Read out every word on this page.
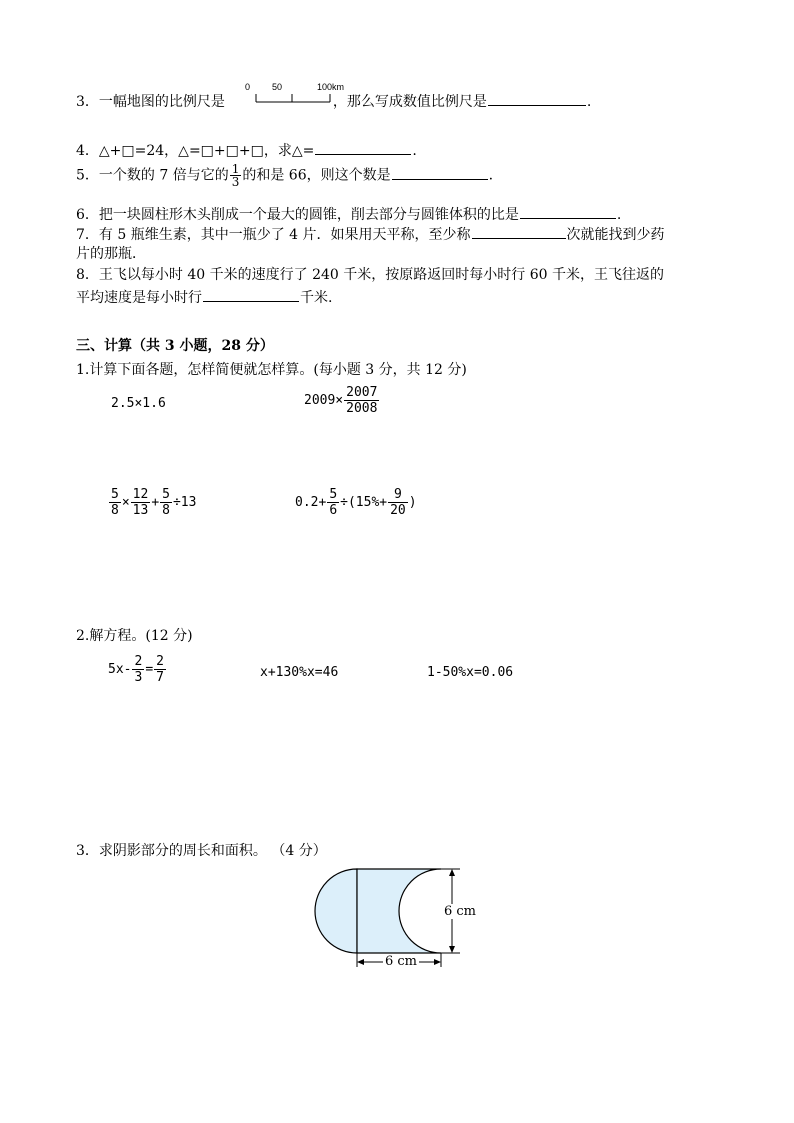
3．一幅地图的比例尺是	，那么写成数值比例尺是	.
0 50	100km
4．△+□=24，△=□+□+□，求△=	.
5．一个数的 7 倍与它的 $\frac{1}{3}$ 的和是 66，则这个数是	.
6．把一块圆柱形木头削成一个最大的圆锥，削去部分与圆锥体积的比是	.
7．有 5 瓶维生素，其中一瓶少了 4 片．如果用天平称，至少称	次就能找到少药
片的那瓶．
8．王飞以每小时 40 千米的速度行了 240 千米，按原路返回时每小时行 60 千米，王飞往返的
平均速度是每小时行	千米.
三、计算（共 3 小题，28 分）
1.计算下面各题，怎样简便就怎样算。(每小题 3 分，共 12 分)
2.5×1.6	$2009\times \frac{2007}{2008}$
$\frac{5}{8} \times \frac{12}{13} + \frac{5}{8} \div 13$	$0.2+ \frac{5}{6} \div(15\%+ \frac{9}{20}$ )
2.解方程。(12 分)
$5x- \frac{2}{3} = \frac{2}{7}$	x+130%x=46	1-50%x=0.06
3．求阴影部分的周长和面积。 （4 分）
6 cm
6 cm
